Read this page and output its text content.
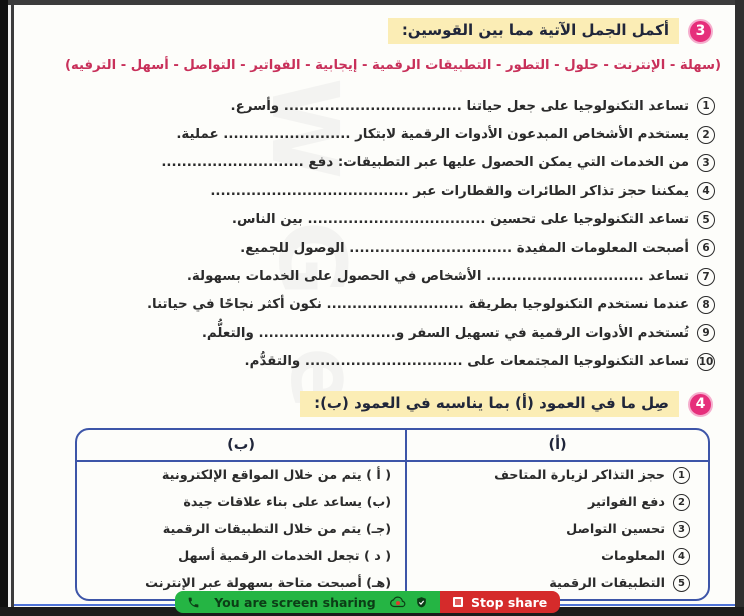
W
G
e
3
أكمل الجمل الآتية مما بين القوسين:
(سهلة - الإنترنت - حلول - التطور - التطبيقات الرقمية - إيجابية - الفواتير - التواصل - أسهل - الترفيه)
1
تساعد التكنولوجيا على جعل حياتنا ................................... وأسرع.
2
يستخدم الأشخاص المبدعون الأدوات الرقمية لابتكار ......................... عملية.
3
من الخدمات التي يمكن الحصول عليها عبر التطبيقات: دفع ............................
4
يمكننا حجز تذاكر الطائرات والقطارات عبر .......................................
5
تساعد التكنولوجيا على تحسين ................................... بين الناس.
6
أصبحت المعلومات المفيدة ................................ الوصول للجميع.
7
تساعد ............................... الأشخاص في الحصول على الخدمات بسهولة.
8
عندما نستخدم التكنولوجيا بطريقة ........................... نكون أكثر نجاحًا في حياتنا.
9
تُستخدم الأدوات الرقمية في تسهيل السفر و........................... والتعلُّم.
10
تساعد التكنولوجيا المجتمعات على ............................... والتقدُّم.
4
صِل ما في العمود (أ) بما يناسبه في العمود (ب):
(أ)
1
حجز التذاكر لزيارة المتاحف
2
دفع الفواتير
3
تحسين التواصل
4
المعلومات
5
التطبيقات الرقمية
(ب)
( أ ) يتم من خلال المواقع الإلكترونية
(ب) يساعد على بناء علاقات جيدة
(جـ) يتم من خلال التطبيقات الرقمية
( د ) تجعل الخدمات الرقمية أسهل
(هـ) أصبحت متاحة بسهولة عبر الإنترنت
You are screen sharing	Stop share
